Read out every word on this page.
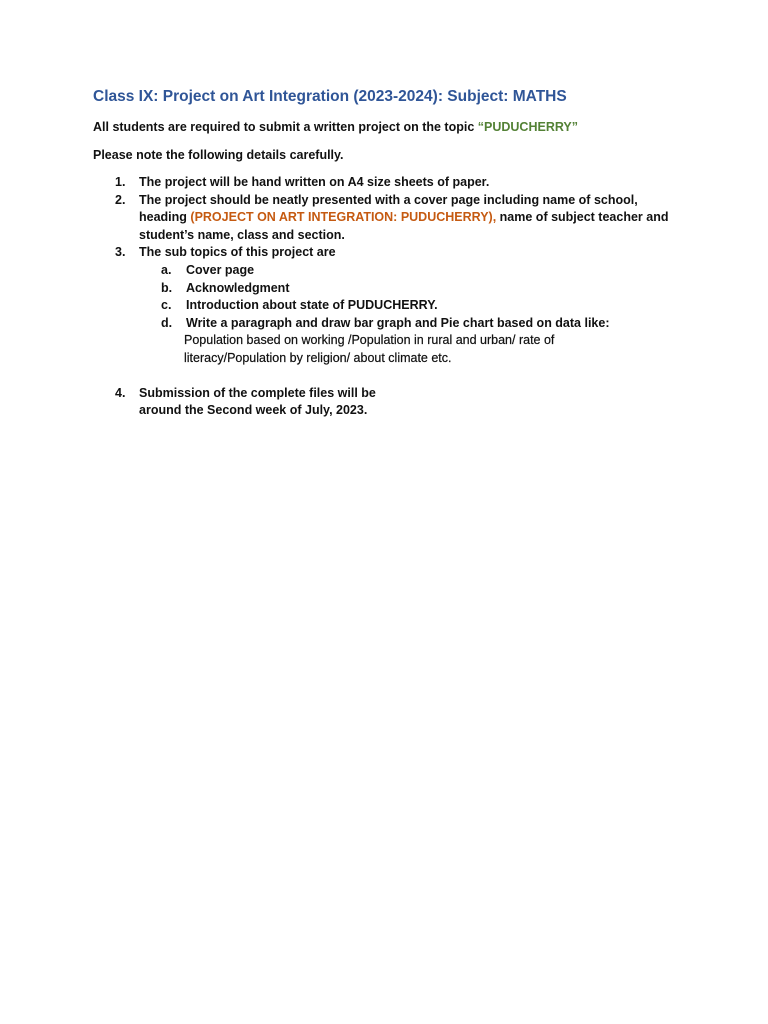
Class IX: Project on Art Integration (2023-2024): Subject: MATHS
All students are required to submit a written project on the topic “PUDUCHERRY”
Please note the following details carefully.
1. The project will be hand written on A4 size sheets of paper.
2. The project should be neatly presented with a cover page including name of school,
heading (PROJECT ON ART INTEGRATION: PUDUCHERRY), name of subject teacher and
student’s name, class and section.
3. The sub topics of this project are
a. Cover page
b. Acknowledgment
c. Introduction about state of PUDUCHERRY.
d. Write a paragraph and draw bar graph and Pie chart based on data like:
Population based on working /Population in rural and urban/ rate of
literacy/Population by religion/ about climate etc.
4. Submission of the complete files will be
around the Second week of July, 2023.
